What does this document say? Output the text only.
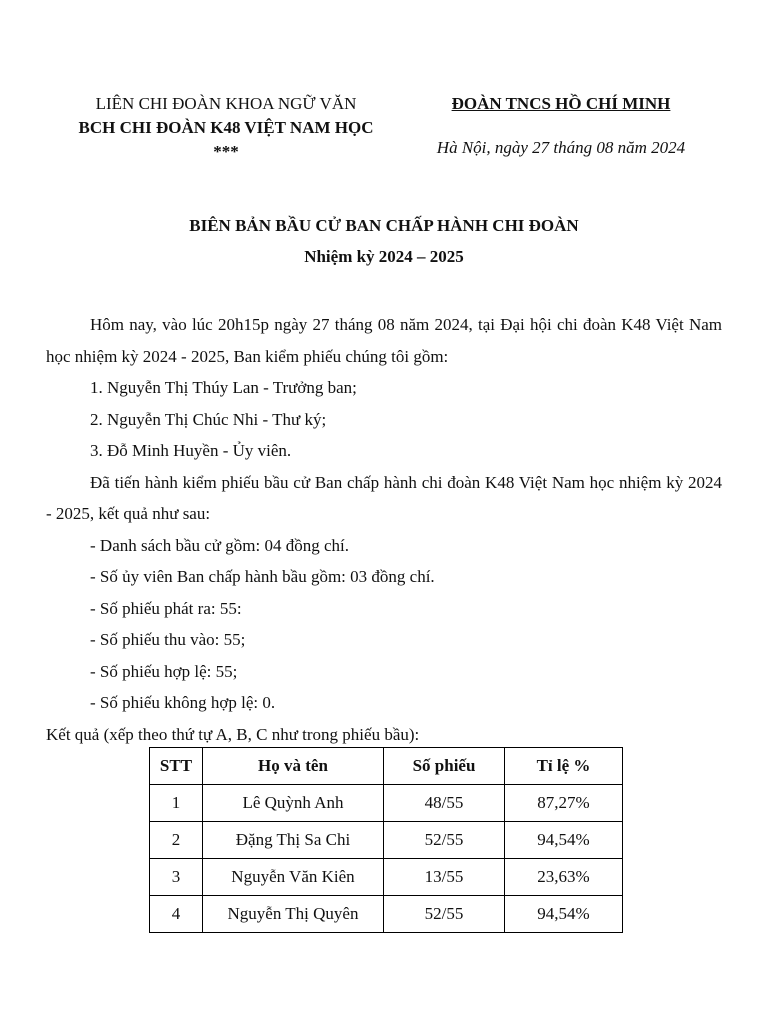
LIÊN CHI ĐOÀN KHOA NGỮ VĂN
BCH CHI ĐOÀN K48 VIỆT NAM HỌC
***
ĐOÀN TNCS HỒ CHÍ MINH
Hà Nội, ngày 27 tháng 08 năm 2024
BIÊN BẢN BẦU CỬ BAN CHẤP HÀNH CHI ĐOÀN
Nhiệm kỳ 2024 – 2025

Hôm nay, vào lúc 20h15p ngày 27 tháng 08 năm 2024, tại Đại hội chi đoàn K48 Việt Nam học nhiệm kỳ 2024 - 2025, Ban kiểm phiếu chúng tôi gồm:

1. Nguyễn Thị Thúy Lan - Trưởng ban;

2. Nguyễn Thị Chúc Nhi - Thư ký;

3. Đỗ Minh Huyền - Ủy viên.

Đã tiến hành kiểm phiếu bầu cử Ban chấp hành chi đoàn K48 Việt Nam học nhiệm kỳ 2024 - 2025, kết quả như sau:

- Danh sách bầu cử gồm: 04 đồng chí.

- Số ủy viên Ban chấp hành bầu gồm: 03 đồng chí.

- Số phiếu phát ra: 55:

- Số phiếu thu vào: 55;

- Số phiếu hợp lệ: 55;

- Số phiếu không hợp lệ: 0.

Kết quả (xếp theo thứ tự A, B, C như trong phiếu bầu):

STT	Họ và tên	Số phiếu	Tỉ lệ %
1	Lê Quỳnh Anh	48/55	87,27%
2	Đặng Thị Sa Chi	52/55	94,54%
3	Nguyễn Văn Kiên	13/55	23,63%
4	Nguyễn Thị Quyên	52/55	94,54%
